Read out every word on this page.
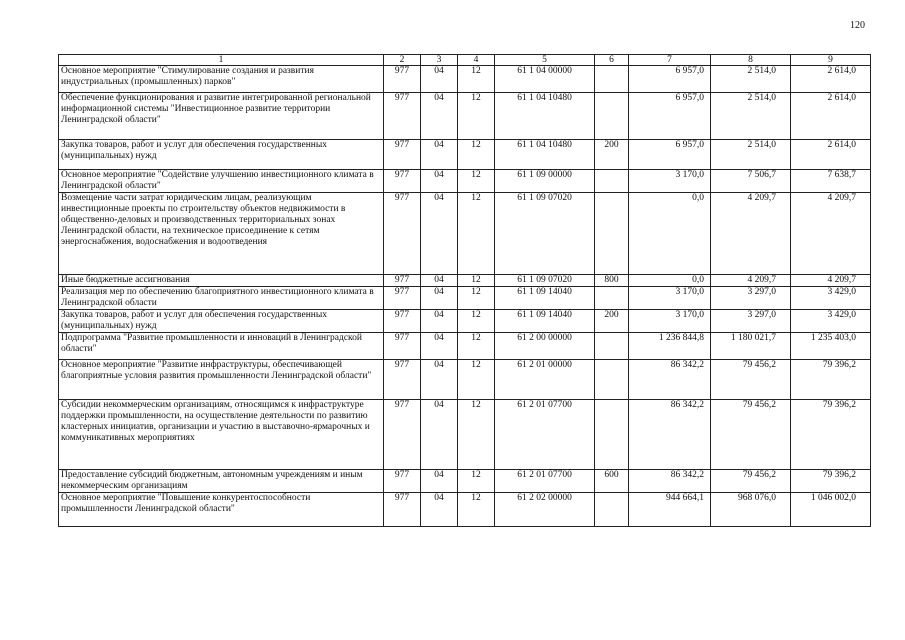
120
1	2	3	4	5	6	7	8	9
Основное мероприятие "Стимулирование создания и развития индустриальных (промышленных) парков"	977	04	12	61 1 04 00000		6 957,0	2 514,0	2 614,0
Обеспечение функционирования и развитие интегрированной региональной информационной системы "Инвестиционное развитие территории Ленинградской области"	977	04	12	61 1 04 10480		6 957,0	2 514,0	2 614,0
Закупка товаров, работ и услуг для обеспечения государственных (муниципальных) нужд	977	04	12	61 1 04 10480	200	6 957,0	2 514,0	2 614,0
Основное мероприятие "Содействие улучшению инвестиционного климата в Ленинградской области"	977	04	12	61 1 09 00000		3 170,0	7 506,7	7 638,7
Возмещение части затрат юридическим лицам, реализующим инвестиционные проекты по строительству объектов недвижимости в общественно-деловых и производственных территориальных зонах Ленинградской области, на техническое присоединение к сетям энергоснабжения, водоснабжения и водоотведения	977	04	12	61 1 09 07020		0,0	4 209,7	4 209,7
Иные бюджетные ассигнования	977	04	12	61 1 09 07020	800	0,0	4 209,7	4 209,7
Реализация мер по обеспечению благоприятного инвестиционного климата в Ленинградской области	977	04	12	61 1 09 14040		3 170,0	3 297,0	3 429,0
Закупка товаров, работ и услуг для обеспечения государственных (муниципальных) нужд	977	04	12	61 1 09 14040	200	3 170,0	3 297,0	3 429,0
Подпрограмма "Развитие промышленности и инноваций в Ленинградской области"	977	04	12	61 2 00 00000		1 236 844,8	1 180 021,7	1 235 403,0
Основное мероприятие "Развитие инфраструктуры, обеспечивающей благоприятные условия развития промышленности Ленинградской области"	977	04	12	61 2 01 00000		86 342,2	79 456,2	79 396,2
Субсидии некоммерческим организациям, относящимся к инфраструктуре поддержки промышленности, на осуществление деятельности по развитию кластерных инициатив, организации и участию в выставочно-ярмарочных и коммуникативных мероприятиях	977	04	12	61 2 01 07700		86 342,2	79 456,2	79 396,2
Предоставление субсидий бюджетным, автономным учреждениям и иным некоммерческим организациям	977	04	12	61 2 01 07700	600	86 342,2	79 456,2	79 396,2
Основное мероприятие "Повышение конкурентоспособности промышленности Ленинградской области"	977	04	12	61 2 02 00000		944 664,1	968 076,0	1 046 002,0
